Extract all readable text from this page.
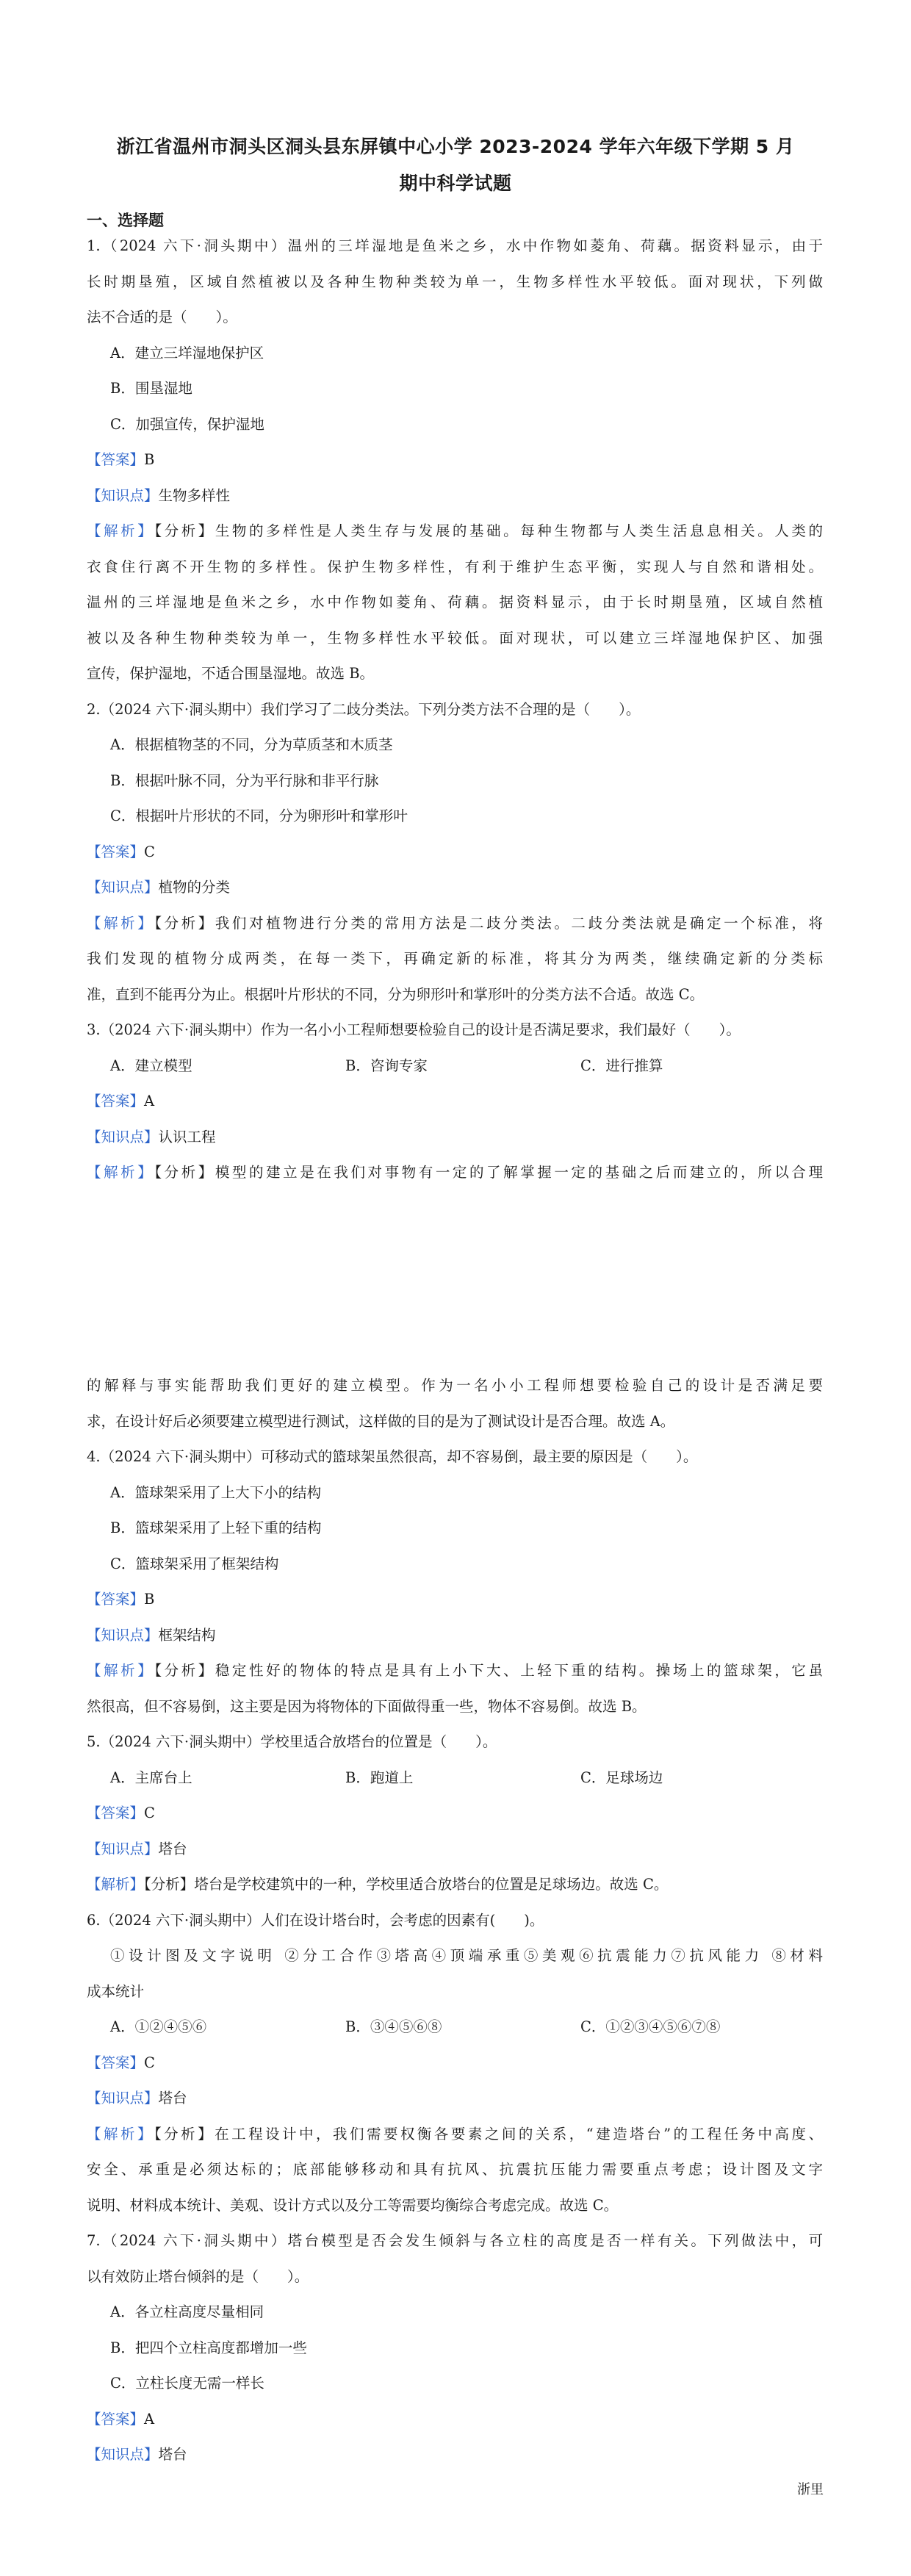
浙江省温州市洞头区洞头县东屏镇中心小学 2023-2024 学年六年级下学期 5 月
期中科学试题
一、选择题
1.（2024 六下·洞头期中）温州的三垟湿地是鱼米之乡，水中作物如菱角、荷藕。据资料显示，由于
长时期垦殖，区域自然植被以及各种生物种类较为单一，生物多样性水平较低。面对现状，下列做
法不合适的是（　　）。
A．建立三垟湿地保护区
B．围垦湿地
C．加强宣传，保护湿地
【答案】B
【知识点】生物多样性
【解析】【分析】生物的多样性是人类生存与发展的基础。每种生物都与人类生活息息相关。人类的
衣食住行离不开生物的多样性。保护生物多样性，有利于维护生态平衡，实现人与自然和谐相处。
温州的三垟湿地是鱼米之乡，水中作物如菱角、荷藕。据资料显示，由于长时期垦殖，区域自然植
被以及各种生物种类较为单一，生物多样性水平较低。面对现状，可以建立三垟湿地保护区、加强
宣传，保护湿地，不适合围垦湿地。故选 B。
2.（2024 六下·洞头期中）我们学习了二歧分类法。下列分类方法不合理的是（　　）。
A．根据植物茎的不同，分为草质茎和木质茎
B．根据叶脉不同，分为平行脉和非平行脉
C．根据叶片形状的不同，分为卵形叶和掌形叶
【答案】C
【知识点】植物的分类
【解析】【分析】我们对植物进行分类的常用方法是二歧分类法。二歧分类法就是确定一个标准，将
我们发现的植物分成两类，在每一类下，再确定新的标准，将其分为两类，继续确定新的分类标
准，直到不能再分为止。根据叶片形状的不同，分为卵形叶和掌形叶的分类方法不合适。故选 C。
3.（2024 六下·洞头期中）作为一名小小工程师想要检验自己的设计是否满足要求，我们最好（　　）。
A．建立模型	B．咨询专家	C．进行推算
【答案】A
【知识点】认识工程
【解析】【分析】模型的建立是在我们对事物有一定的了解掌握一定的基础之后而建立的，所以合理
的解释与事实能帮助我们更好的建立模型。作为一名小小工程师想要检验自己的设计是否满足要
求，在设计好后必须要建立模型进行测试，这样做的目的是为了测试设计是否合理。故选 A。
4.（2024 六下·洞头期中）可移动式的篮球架虽然很高，却不容易倒，最主要的原因是（　　）。
A．篮球架采用了上大下小的结构
B．篮球架采用了上轻下重的结构
C．篮球架采用了框架结构
【答案】B
【知识点】框架结构
【解析】【分析】稳定性好的物体的特点是具有上小下大、上轻下重的结构。操场上的篮球架，它虽
然很高，但不容易倒，这主要是因为将物体的下面做得重一些，物体不容易倒。故选 B。
5.（2024 六下·洞头期中）学校里适合放塔台的位置是（　　）。
A．主席台上	B．跑道上	C．足球场边
【答案】C
【知识点】塔台
【解析】【分析】塔台是学校建筑中的一种，学校里适合放塔台的位置是足球场边。故选 C。
6.（2024 六下·洞头期中）人们在设计塔台时，会考虑的因素有(　　)。
①设计图及文字说明 ②分工合作③塔高④顶端承重⑤美观⑥抗震能力⑦抗风能力 ⑧材料
成本统计
A．①②④⑤⑥	B．③④⑤⑥⑧	C．①②③④⑤⑥⑦⑧
【答案】C
【知识点】塔台
【解析】【分析】在工程设计中，我们需要权衡各要素之间的关系，“建造塔台”的工程任务中高度、
安全、承重是必须达标的；底部能够移动和具有抗风、抗震抗压能力需要重点考虑；设计图及文字
说明、材料成本统计、美观、设计方式以及分工等需要均衡综合考虑完成。故选 C。
7.（2024 六下·洞头期中）塔台模型是否会发生倾斜与各立柱的高度是否一样有关。下列做法中，可
以有效防止塔台倾斜的是（　　）。
A．各立柱高度尽量相同
B．把四个立柱高度都增加一些
C．立柱长度无需一样长
【答案】A
【知识点】塔台
浙里
